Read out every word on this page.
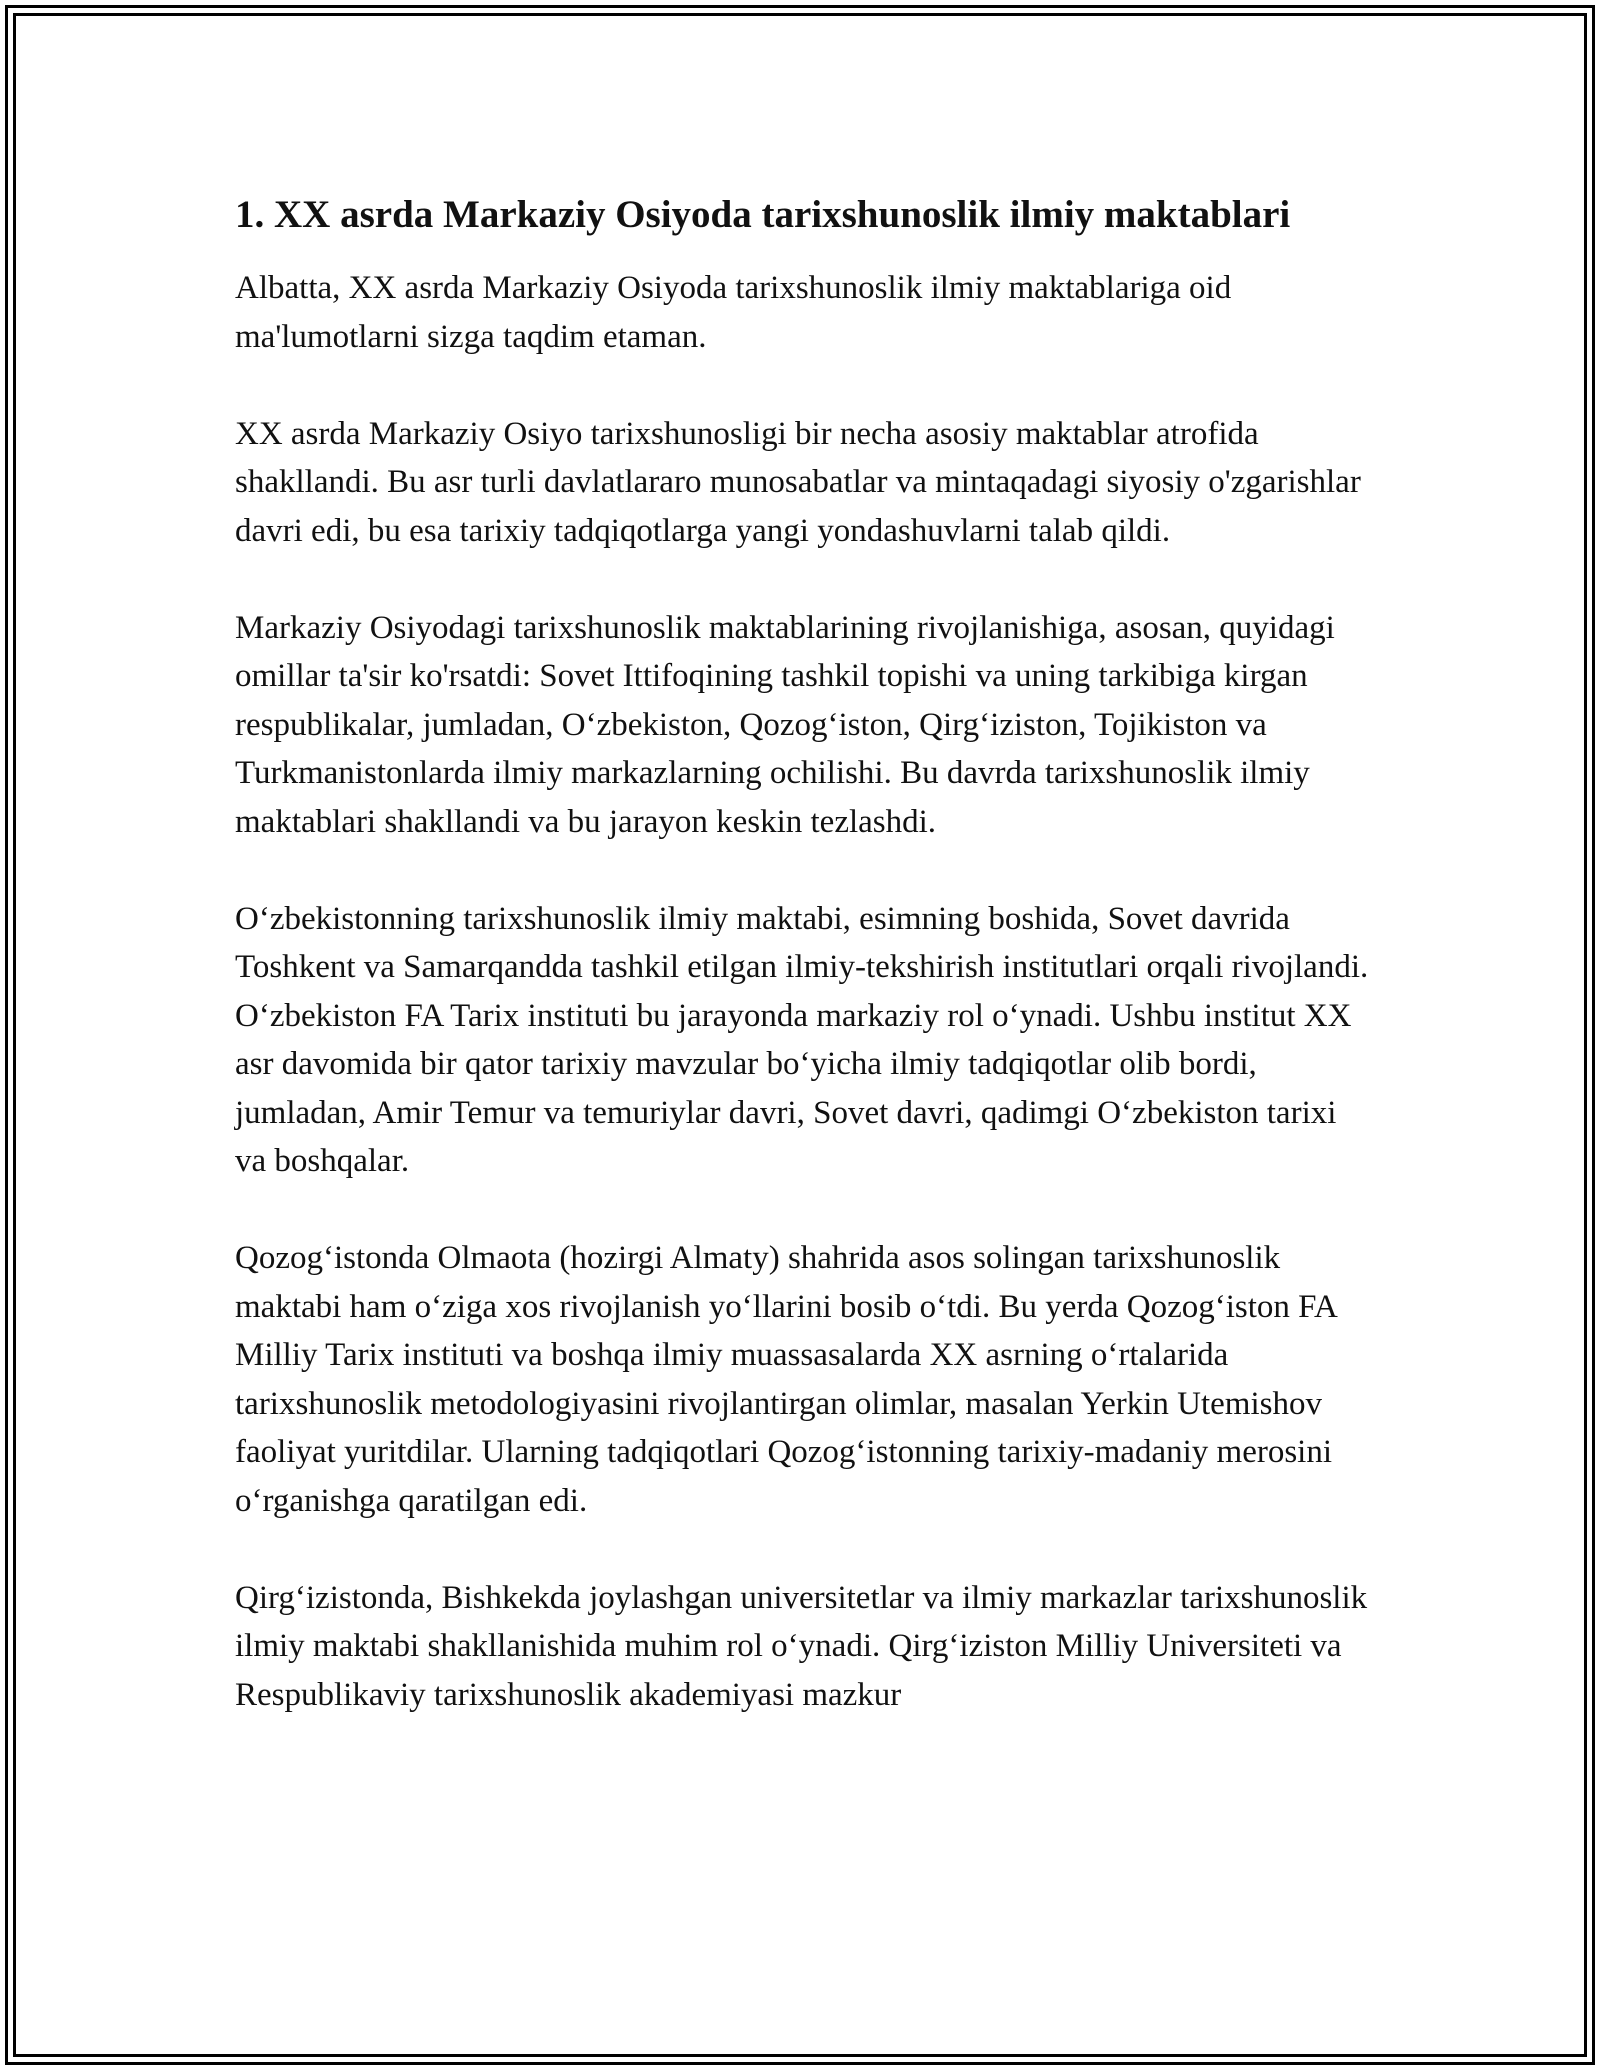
1. XX asrda Markaziy Osiyoda tarixshunoslik ilmiy maktablari

Albatta, XX asrda Markaziy Osiyoda tarixshunoslik ilmiy maktablariga oid ma'lumotlarni sizga taqdim etaman.

XX asrda Markaziy Osiyo tarixshunosligi bir necha asosiy maktablar atrofida shakllandi. Bu asr turli davlatlararo munosabatlar va mintaqadagi siyosiy o'zgarishlar davri edi, bu esa tarixiy tadqiqotlarga yangi yondashuvlarni talab qildi.

Markaziy Osiyodagi tarixshunoslik maktablarining rivojlanishiga, asosan, quyidagi omillar ta'sir ko'rsatdi: Sovet Ittifoqining tashkil topishi va uning tarkibiga kirgan respublikalar, jumladan, O‘zbekiston, Qozog‘iston, Qirg‘iziston, Tojikiston va Turkmanistonlarda ilmiy markazlarning ochilishi. Bu davrda tarixshunoslik ilmiy maktablari shakllandi va bu jarayon keskin tezlashdi.

O‘zbekistonning tarixshunoslik ilmiy maktabi, esimning boshida, Sovet davrida Toshkent va Samarqandda tashkil etilgan ilmiy-tekshirish institutlari orqali rivojlandi. O‘zbekiston FA Tarix instituti bu jarayonda markaziy rol o‘ynadi. Ushbu institut XX asr davomida bir qator tarixiy mavzular bo‘yicha ilmiy tadqiqotlar olib bordi, jumladan, Amir Temur va temuriylar davri, Sovet davri, qadimgi O‘zbekiston tarixi va boshqalar.

Qozog‘istonda Olmaota (hozirgi Almaty) shahrida asos solingan tarixshunoslik maktabi ham o‘ziga xos rivojlanish yo‘llarini bosib o‘tdi. Bu yerda Qozog‘iston FA Milliy Tarix instituti va boshqa ilmiy muassasalarda XX asrning o‘rtalarida tarixshunoslik metodologiyasini rivojlantirgan olimlar, masalan Yerkin Utemishov faoliyat yuritdilar. Ularning tadqiqotlari Qozog‘istonning tarixiy-madaniy merosini o‘rganishga qaratilgan edi.

Qirg‘izistonda, Bishkekda joylashgan universitetlar va ilmiy markazlar tarixshunoslik ilmiy maktabi shakllanishida muhim rol o‘ynadi. Qirg‘iziston Milliy Universiteti va Respublikaviy tarixshunoslik akademiyasi mazkur
